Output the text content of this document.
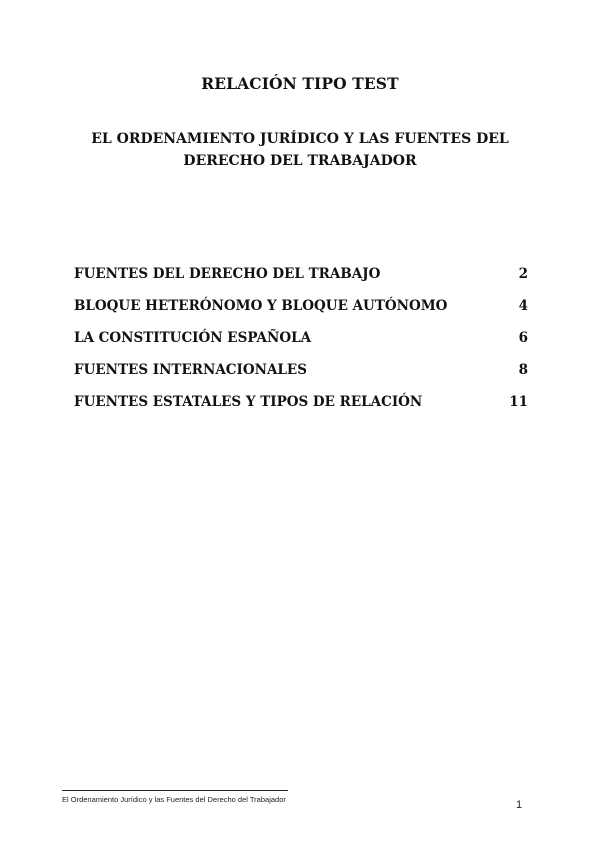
RELACIÓN TIPO TEST
EL ORDENAMIENTO JURÍDICO Y LAS FUENTES DEL
DERECHO DEL TRABAJADOR
FUENTES DEL DERECHO DEL TRABAJO	2
BLOQUE HETERÓNOMO Y BLOQUE AUTÓNOMO	4
LA CONSTITUCIÓN ESPAÑOLA	6
FUENTES INTERNACIONALES	8
FUENTES ESTATALES Y TIPOS DE RELACIÓN	11
El Ordenamiento Jurídico y las Fuentes del Derecho del Trabajador	1
